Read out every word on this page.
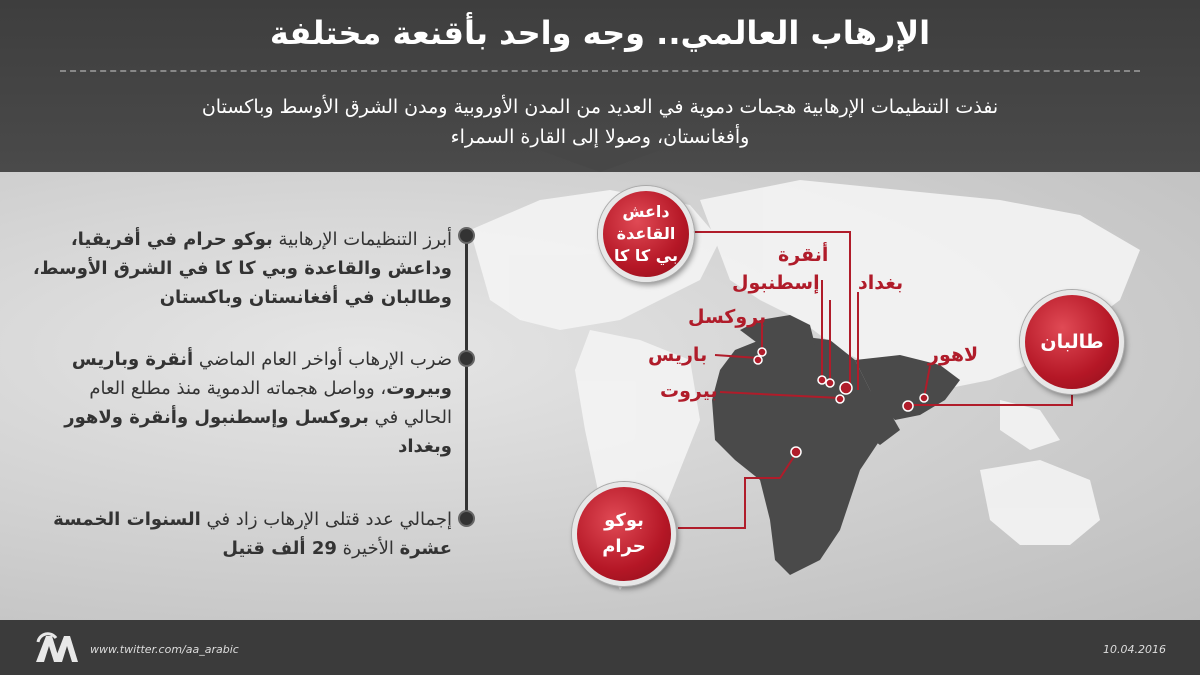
الإرهاب العالمي.. وجه واحد بأقنعة مختلفة
نفذت التنظيمات الإرهابية هجمات دموية في العديد من المدن الأوروبية ومدن الشرق الأوسط وباكستان
وأفغانستان، وصولا إلى القارة السمراء
أبرز التنظيمات الإرهابية بوكو حرام في أفريقيا،
وداعش والقاعدة وبي كا كا في الشرق الأوسط،
وطالبان في أفغانستان وباكستان
ضرب الإرهاب أواخر العام الماضي أنقرة وباريس
وبيروت، وواصل هجماته الدموية منذ مطلع العام
الحالي في بروكسل وإسطنبول وأنقرة ولاهور وبغداد
إجمالي عدد قتلى الإرهاب زاد في السنوات الخمسة
عشرة الأخيرة 29 ألف قتيل
داعش
القاعدة
بي كا كا
طالبان
بوكو
حرام
أنقرة
إسطنبول
بروكسل
باريس
بيروت
بغداد
لاهور
www.twitter.com/aa_arabic	10.04.2016
